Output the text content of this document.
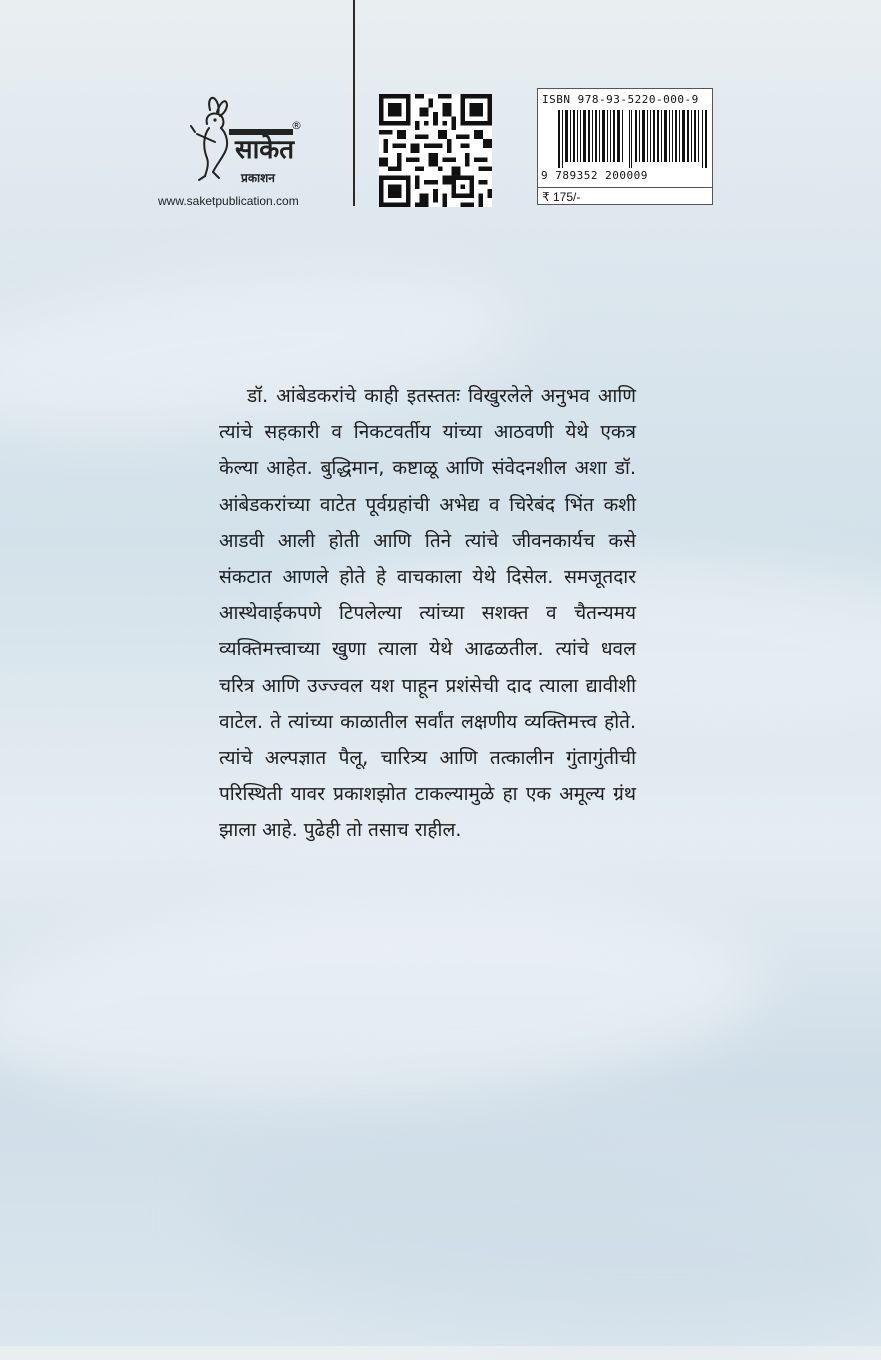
साकेत
प्रकाशन
®
www.saketpublication.com
ISBN 978-93-5220-000-9
9 789352 200009
₹ 175/-

डॉ. आंबेडकरांचे काही इतस्ततः विखुरलेले अनुभव आणि त्यांचे सहकारी व निकटवर्तीय यांच्या आठवणी येथे एकत्र केल्या आहेत. बुद्धिमान, कष्टाळू आणि संवेदनशील अशा डॉ. आंबेडकरांच्या वाटेत पूर्वग्रहांची अभेद्य व चिरेबंद भिंत कशी आडवी आली होती आणि तिने त्यांचे जीवनकार्यच कसे संकटात आणले होते हे वाचकाला येथे दिसेल. समजूतदार आस्थेवाईकपणे टिपलेल्या त्यांच्या सशक्त व चैतन्यमय व्यक्तिमत्त्वाच्या खुणा त्याला येथे आढळतील. त्यांचे धवल चरित्र आणि उज्ज्वल यश पाहून प्रशंसेची दाद त्याला द्यावीशी वाटेल. ते त्यांच्या काळातील सर्वांत लक्षणीय व्यक्तिमत्त्व होते. त्यांचे अल्पज्ञात पैलू, चारित्र्य आणि तत्कालीन गुंतागुंतीची परिस्थिती यावर प्रकाशझोत टाकल्यामुळे हा एक अमूल्य ग्रंथ झाला आहे. पुढेही तो तसाच राहील.
